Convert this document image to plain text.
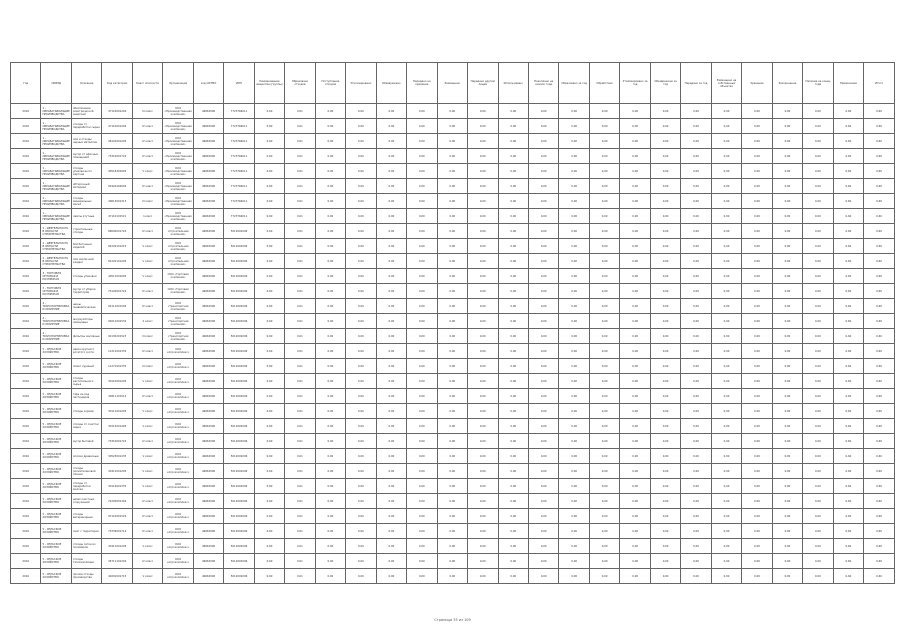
Год	ОКВЭД	Описание	Код категории	Класс опасности	Организация	код ОКТМО	ИНН	Наименование вещества (группы)	Образовано отходов	Поступление отходов	Утилизировано	Обезврежено	Передано на хранение	Размещено	Передано другим лицам	Использовано	Накоплено на начало года	Образовано за год	Обработано	Утилизировано за год	Обезврежено за год	Передано за год	Размещено на собственных объектах	Хранение	Захоронение	Наличие на конец года	Примечание	Итого
2016	1 - ОБРАБАТЫВАЮЩИЕ ПРОИЗВОДСТВА	обеспечение электрической энергией	47110001204	III класс	ООО «Производственная компания»	46663000	7723766011	0,60	0,01	0,00	0,00	0,00	0,00	0,00	0,00	0,00	0,00	0,00	0,00	0,00	0,00	0,00	0,00	0,00	0,00	0,00	0,60	0,60
2016	1 - ОБРАБАТЫВАЮЩИЕ ПРОИЗВОДСТВА	отходы от переработки сырья	47110001204	IV класс	ООО «Производственная компания»	46663000	7723766011	0,60	0,01	0,00	0,00	0,00	0,00	0,00	0,00	0,00	0,00	0,00	0,00	0,00	0,00	0,00	0,00	0,00	0,00	0,00	0,60	0,60
2016	1 - ОБРАБАТЫВАЮЩИЕ ПРОИЗВОДСТВА	лом и отходы черных металлов	46101001205	IV класс	ООО «Производственная компания»	46663000	7723766011	0,60	0,01	0,00	0,00	0,00	0,00	0,00	0,00	0,00	0,00	0,00	0,00	0,00	0,00	0,00	0,00	0,00	0,00	0,00	0,60	0,60
2016	1 - ОБРАБАТЫВАЮЩИЕ ПРОИЗВОДСТВА	мусор от офисных помещений	73310001724	IV класс	ООО «Производственная компания»	46663000	7723766011	0,60	0,01	0,00	0,00	0,00	0,00	0,00	0,00	0,00	0,00	0,00	0,00	0,00	0,00	0,00	0,00	0,00	0,00	0,00	0,60	0,60
2016	1 - ОБРАБАТЫВАЮЩИЕ ПРОИЗВОДСТВА	отходы упаковочного картона	40518301605	V класс	ООО «Производственная компания»	46663000	7723766011	0,60	0,01	0,00	0,00	0,00	0,00	0,00	0,00	0,00	0,00	0,00	0,00	0,00	0,00	0,00	0,00	0,00	0,00	0,00	0,60	0,60
2016	1 - ОБРАБАТЫВАЮЩИЕ ПРОИЗВОДСТВА	обтирочный материал	91920402604	IV класс	ООО «Производственная компания»	46663000	7723766011	0,60	0,01	0,00	0,00	0,00	0,00	0,00	0,00	0,00	0,00	0,00	0,00	0,00	0,00	0,00	0,00	0,00	0,00	0,00	0,60	0,60
2016	1 - ОБРАБАТЫВАЮЩИЕ ПРОИЗВОДСТВА	отходы минеральных масел	40613001313	III класс	ООО «Производственная компания»	46663000	7723766011	0,60	0,01	0,00	0,00	0,00	0,00	0,00	0,00	0,00	0,00	0,00	0,00	0,00	0,00	0,00	0,00	0,00	0,00	0,00	0,60	0,60
2016	1 - ОБРАБАТЫВАЮЩИЕ ПРОИЗВОДСТВА	лампы ртутные	47110101521	I класс	ООО «Производственная компания»	46663000	7723766011	0,60	0,01	0,00	0,00	0,00	0,00	0,00	0,00	0,00	0,00	0,00	0,00	0,00	0,00	0,00	0,00	0,00	0,00	0,00	0,60	0,60
2016	2 - ДЕЯТЕЛЬНОСТЬ В ОБЛАСТИ СТРОИТЕЛЬСТВА	строительные отходы	89000001724	IV класс	ООО «Строительная компания»	46663000	5012002006	0,60	0,01	0,00	0,00	0,00	0,00	0,00	0,00	0,00	0,00	0,00	0,00	0,00	0,00	0,00	0,00	0,00	0,00	0,00	0,60	0,60
2016	2 - ДЕЯТЕЛЬНОСТЬ В ОБЛАСТИ СТРОИТЕЛЬСТВА	бой бетонных изделий	82220101215	V класс	ООО «Строительная компания»	46663000	5012002006	0,60	0,01	0,00	0,00	0,00	0,00	0,00	0,00	0,00	0,00	0,00	0,00	0,00	0,00	0,00	0,00	0,00	0,00	0,00	0,60	0,60
2016	2 - ДЕЯТЕЛЬНОСТЬ В ОБЛАСТИ СТРОИТЕЛЬСТВА	лом кирпичной кладки	81220101205	V класс	ООО «Строительная компания»	46663000	5012002006	0,60	0,01	0,00	0,00	0,00	0,00	0,00	0,00	0,00	0,00	0,00	0,00	0,00	0,00	0,00	0,00	0,00	0,00	0,00	0,60	0,60
2016	3 - ТОРГОВЛЯ ОПТОВАЯ И РОЗНИЧНАЯ	отходы упаковки	40511001605	V класс	ООО «Торговая компания»	46663000	5012002006	0,60	0,01	0,00	0,00	0,00	0,00	0,00	0,00	0,00	0,00	0,00	0,00	0,00	0,00	0,00	0,00	0,00	0,00	0,00	0,60	0,60
2016	3 - ТОРГОВЛЯ ОПТОВАЯ И РОЗНИЧНАЯ	мусор от уборки территории	73120001724	IV класс	ООО «Торговая компания»	46663000	5012002006	0,60	0,01	0,00	0,00	0,00	0,00	0,00	0,00	0,00	0,00	0,00	0,00	0,00	0,00	0,00	0,00	0,00	0,00	0,00	0,60	0,60
2016	4 - ТРАНСПОРТИРОВКА И ХРАНЕНИЕ	шины пневматические	92111001504	IV класс	ООО «Транспортная компания»	46663000	5012002006	0,60	0,01	0,00	0,00	0,00	0,00	0,00	0,00	0,00	0,00	0,00	0,00	0,00	0,00	0,00	0,00	0,00	0,00	0,00	0,60	0,60
2016	4 - ТРАНСПОРТИРОВКА И ХРАНЕНИЕ	аккумуляторы свинцовые	92011001532	II класс	ООО «Транспортная компания»	46663000	5012002006	0,60	0,01	0,00	0,00	0,00	0,00	0,00	0,00	0,00	0,00	0,00	0,00	0,00	0,00	0,00	0,00	0,00	0,00	0,00	0,60	0,60
2016	4 - ТРАНСПОРТИРОВКА И ХРАНЕНИЕ	фильтры масляные	92130201523	III класс	ООО «Транспортная компания»	46663000	5012002006	0,60	0,01	0,00	0,00	0,00	0,00	0,00	0,00	0,00	0,00	0,00	0,00	0,00	0,00	0,00	0,00	0,00	0,00	0,00	0,60	0,60
2016	5 - СЕЛЬСКОЕ ХОЗЯЙСТВО	навоз крупного рогатого скота	11211001335	IV класс	ООО «Агрокомплекс»	46663000	5012002006	0,60	0,01	0,00	0,00	0,00	0,00	0,00	0,00	0,00	0,00	0,00	0,00	0,00	0,00	0,00	0,00	0,00	0,00	0,00	0,60	0,60
2016	5 - СЕЛЬСКОЕ ХОЗЯЙСТВО	помет куриный	11271001335	III класс	ООО «Агрокомплекс»	46663000	5012002006	0,60	0,01	0,00	0,00	0,00	0,00	0,00	0,00	0,00	0,00	0,00	0,00	0,00	0,00	0,00	0,00	0,00	0,00	0,00	0,60	0,60
2016	5 - СЕЛЬСКОЕ ХОЗЯЙСТВО	отходы растительного сырья	30110001205	V класс	ООО «Агрокомплекс»	46663000	5012002006	0,60	0,01	0,00	0,00	0,00	0,00	0,00	0,00	0,00	0,00	0,00	0,00	0,00	0,00	0,00	0,00	0,00	0,00	0,00	0,60	0,60
2016	5 - СЕЛЬСКОЕ ХОЗЯЙСТВО	тара из-под пестицидов	43811101514	IV класс	ООО «Агрокомплекс»	46663000	5012002006	0,60	0,01	0,00	0,00	0,00	0,00	0,00	0,00	0,00	0,00	0,00	0,00	0,00	0,00	0,00	0,00	0,00	0,00	0,00	0,60	0,60
2016	5 - СЕЛЬСКОЕ ХОЗЯЙСТВО	отходы кормов	30111001205	V класс	ООО «Агрокомплекс»	46663000	5012002006	0,60	0,01	0,00	0,00	0,00	0,00	0,00	0,00	0,00	0,00	0,00	0,00	0,00	0,00	0,00	0,00	0,00	0,00	0,00	0,60	0,60
2016	5 - СЕЛЬСКОЕ ХОЗЯЙСТВО	отходы от очистки зерна	30112001495	V класс	ООО «Агрокомплекс»	46663000	5012002006	0,60	0,01	0,00	0,00	0,00	0,00	0,00	0,00	0,00	0,00	0,00	0,00	0,00	0,00	0,00	0,00	0,00	0,00	0,00	0,60	0,60
2016	5 - СЕЛЬСКОЕ ХОЗЯЙСТВО	мусор бытовой	73310001724	IV класс	ООО «Агрокомплекс»	46663000	5012002006	0,60	0,01	0,00	0,00	0,00	0,00	0,00	0,00	0,00	0,00	0,00	0,00	0,00	0,00	0,00	0,00	0,00	0,00	0,00	0,60	0,60
2016	5 - СЕЛЬСКОЕ ХОЗЯЙСТВО	опилки древесные	30523001435	V класс	ООО «Агрокомплекс»	46663000	5012002006	0,60	0,01	0,00	0,00	0,00	0,00	0,00	0,00	0,00	0,00	0,00	0,00	0,00	0,00	0,00	0,00	0,00	0,00	0,00	0,60	0,60
2016	5 - СЕЛЬСКОЕ ХОЗЯЙСТВО	отходы полиэтиленовой пленки	43411001205	V класс	ООО «Агрокомплекс»	46663000	5012002006	0,60	0,01	0,00	0,00	0,00	0,00	0,00	0,00	0,00	0,00	0,00	0,00	0,00	0,00	0,00	0,00	0,00	0,00	0,00	0,60	0,60
2016	5 - СЕЛЬСКОЕ ХОЗЯЙСТВО	отходы от переработки молока	30114001335	V класс	ООО «Агрокомплекс»	46663000	5012002006	0,60	0,01	0,00	0,00	0,00	0,00	0,00	0,00	0,00	0,00	0,00	0,00	0,00	0,00	0,00	0,00	0,00	0,00	0,00	0,60	0,60
2016	5 - СЕЛЬСКОЕ ХОЗЯЙСТВО	шлам очистных сооружений	72220001394	IV класс	ООО «Агрокомплекс»	46663000	5012002006	0,60	0,01	0,00	0,00	0,00	0,00	0,00	0,00	0,00	0,00	0,00	0,00	0,00	0,00	0,00	0,00	0,00	0,00	0,00	0,60	0,60
2016	5 - СЕЛЬСКОЕ ХОЗЯЙСТВО	отходы ветеринарные	97110001524	IV класс	ООО «Агрокомплекс»	46663000	5012002006	0,60	0,01	0,00	0,00	0,00	0,00	0,00	0,00	0,00	0,00	0,00	0,00	0,00	0,00	0,00	0,00	0,00	0,00	0,00	0,60	0,60
2016	5 - СЕЛЬСКОЕ ХОЗЯЙСТВО	смет с территории	73339001714	IV класс	ООО «Агрокомплекс»	46663000	5012002006	0,60	0,01	0,00	0,00	0,00	0,00	0,00	0,00	0,00	0,00	0,00	0,00	0,00	0,00	0,00	0,00	0,00	0,00	0,00	0,60	0,60
2016	5 - СЕЛЬСКОЕ ХОЗЯЙСТВО	отходы сетки из полимеров	43411001205	V класс	ООО «Агрокомплекс»	46663000	5012002006	0,60	0,01	0,00	0,00	0,00	0,00	0,00	0,00	0,00	0,00	0,00	0,00	0,00	0,00	0,00	0,00	0,00	0,00	0,00	0,60	0,60
2016	5 - СЕЛЬСКОЕ ХОЗЯЙСТВО	отходы теплоизоляции	45711101204	IV класс	ООО «Агрокомплекс»	46663000	5012002006	0,60	0,01	0,00	0,00	0,00	0,00	0,00	0,00	0,00	0,00	0,00	0,00	0,00	0,00	0,00	0,00	0,00	0,00	0,00	0,60	0,60
2016	5 - СЕЛЬСКОЕ ХОЗЯЙСТВО	прочие отходы производства	40291001715	V класс	ООО «Агрокомплекс»	46663000	5012002006	0,60	0,01	0,00	0,00	0,00	0,00	0,00	0,00	0,00	0,00	0,00	0,00	0,00	0,00	0,00	0,00	0,00	0,00	0,00	0,60	0,60
Страница 35 из 109
